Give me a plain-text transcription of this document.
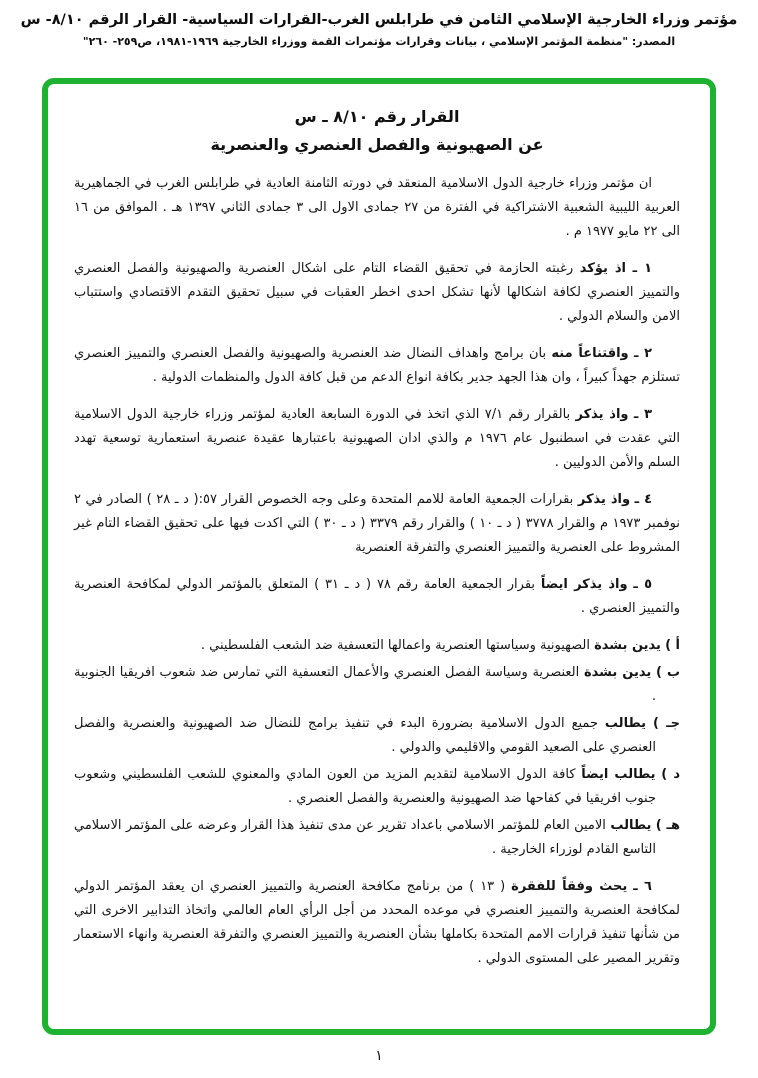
مؤتمر وزراء الخارجية الإسلامي الثامن في طرابلس الغرب-القرارات السياسية- القرار الرقم ٨/١٠- س
المصدر: "منظمة المؤتمر الإسلامي ، بيانات وقرارات مؤتمرات القمة ووزراء الخارجية ١٩٦٩-١٩٨١، ص٢٥٩- ٢٦٠"
القرار رقم ٨/١٠ ـ س
عن الصهيونية والفصل العنصري والعنصرية

ان مؤتمر وزراء خارجية الدول الاسلامية المنعقد في دورته الثامنة العادية في طرابلس الغرب في الجماهيرية العربية الليبية الشعبية الاشتراكية في الفترة من ٢٧ جمادى الاول الى ٣ جمادى الثاني ١٣٩٧ هـ . الموافق من ١٦ الى ٢٢ مايو ١٩٧٧ م .

١ ـ اذ يؤكد رغبته الحازمة في تحقيق القضاء التام على اشكال العنصرية والصهيونية والفصل العنصري والتمييز العنصري لكافة اشكالها لأنها تشكل احدى اخطر العقبات في سبيل تحقيق التقدم الاقتصادي واستتباب الامن والسلام الدولي .
٢ ـ واقتناعاً منه بان برامج واهداف النضال ضد العنصرية والصهيونية والفصل العنصري والتمييز العنصري تستلزم جهداً كبيراً ، وان هذا الجهد جدير بكافة انواع الدعم من قبل كافة الدول والمنظمات الدولية .
٣ ـ واذ يذكر بالقرار رقم ٧/١ الذي اتخذ في الدورة السابعة العادية لمؤتمر وزراء خارجية الدول الاسلامية التي عقدت في اسطنبول عام ١٩٧٦ م والذي ادان الصهيونية باعتبارها عقيدة عنصرية استعمارية توسعية تهدد السلم والأمن الدوليين .
٤ ـ واذ يذكر بقرارات الجمعية العامة للامم المتحدة وعلى وجه الخصوص القرار ٥٧:( د ـ ٢٨ ) الصادر في ٢ نوفمبر ١٩٧٣ م والقرار ٣٧٧٨ ( د ـ ١٠ ) والقرار رقم ٣٣٧٩ ( د ـ ٣٠ ) التي اكدت فيها على تحقيق القضاء التام غير المشروط على العنصرية والتمييز العنصري والتفرقة العنصرية
٥ ـ واذ يذكر ايضاً بقرار الجمعية العامة رقم ٧٨ ( د ـ ٣١ ) المتعلق بالمؤتمر الدولي لمكافحة العنصرية والتمييز العنصري .
أ ) يدين بشدة الصهيونية وسياستها العنصرية واعمالها التعسفية ضد الشعب الفلسطيني .
ب ) يدين بشدة العنصرية وسياسة الفصل العنصري والأعمال التعسفية التي تمارس ضد شعوب افريقيا الجنوبية .
جـ ) يطالب جميع الدول الاسلامية بضرورة البدء في تنفيذ برامج للنضال ضد الصهيونية والعنصرية والفصل العنصري على الصعيد القومي والاقليمي والدولي .
د ) يطالب ايضاً كافة الدول الاسلامية لتقديم المزيد من العون المادي والمعنوي للشعب الفلسطيني وشعوب جنوب افريقيا في كفاحها ضد الصهيونية والعنصرية والفصل العنصري .
هـ ) يطالب الامين العام للمؤتمر الاسلامي باعداد تقرير عن مدى تنفيذ هذا القرار وعرضه على المؤتمر الاسلامي التاسع القادم لوزراء الخارجية .
٦ ـ يحث وفقاً للفقرة ( ١٣ ) من برنامج مكافحة العنصرية والتمييز العنصري ان يعقد المؤتمر الدولي لمكافحة العنصرية والتمييز العنصري في موعده المحدد من أجل الرأي العام العالمي واتخاذ التدابير الاخرى التي من شأنها تنفيذ قرارات الامم المتحدة بكاملها بشأن العنصرية والتمييز العنصري والتفرقة العنصرية وانهاء الاستعمار وتقرير المصير على المستوى الدولي .
١
